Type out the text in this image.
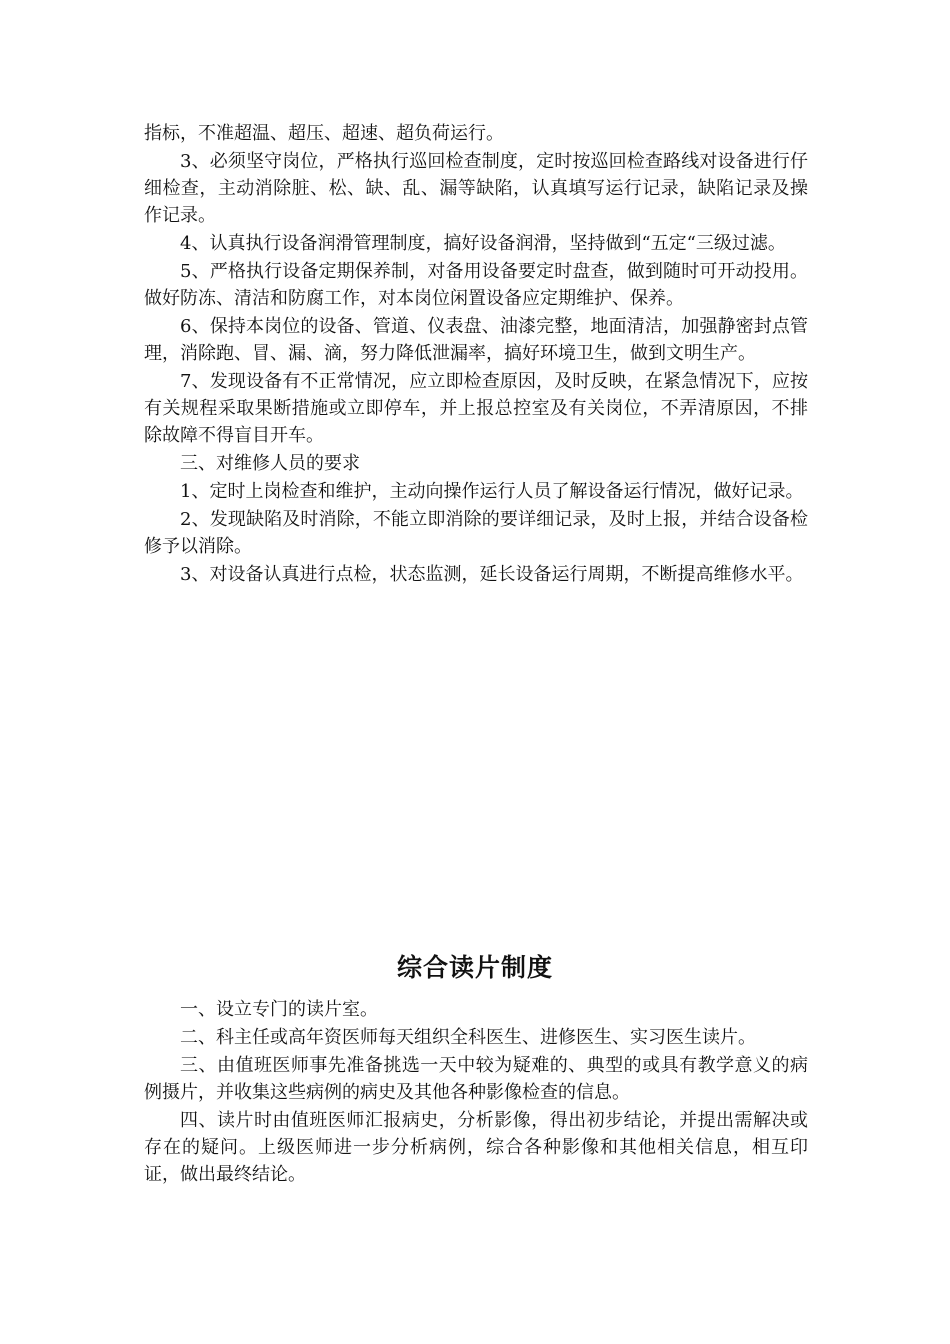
指标，不准超温、超压、超速、超负荷运行。

3、必须坚守岗位，严格执行巡回检查制度，定时按巡回检查路线对设备进行仔细检查，主动消除脏、松、缺、乱、漏等缺陷，认真填写运行记录，缺陷记录及操作记录。

4、认真执行设备润滑管理制度，搞好设备润滑，坚持做到“五定“三级过滤。

5、严格执行设备定期保养制，对备用设备要定时盘查，做到随时可开动投用。做好防冻、清洁和防腐工作，对本岗位闲置设备应定期维护、保养。

6、保持本岗位的设备、管道、仪表盘、油漆完整，地面清洁，加强静密封点管理，消除跑、冒、漏、滴，努力降低泄漏率，搞好环境卫生，做到文明生产。

7、发现设备有不正常情况，应立即检查原因，及时反映，在紧急情况下，应按有关规程采取果断措施或立即停车，并上报总控室及有关岗位，不弄清原因，不排除故障不得盲目开车。

三、对维修人员的要求

1、定时上岗检查和维护，主动向操作运行人员了解设备运行情况，做好记录。

2、发现缺陷及时消除，不能立即消除的要详细记录，及时上报，并结合设备检修予以消除。

3、对设备认真进行点检，状态监测，延长设备运行周期，不断提高维修水平。

综合读片制度

一、设立专门的读片室。

二、科主任或高年资医师每天组织全科医生、进修医生、实习医生读片。

三、由值班医师事先准备挑选一天中较为疑难的、典型的或具有教学意义的病例摄片，并收集这些病例的病史及其他各种影像检查的信息。

四、读片时由值班医师汇报病史，分析影像，得出初步结论，并提出需解决或存在的疑问。上级医师进一步分析病例，综合各种影像和其他相关信息，相互印证，做出最终结论。
